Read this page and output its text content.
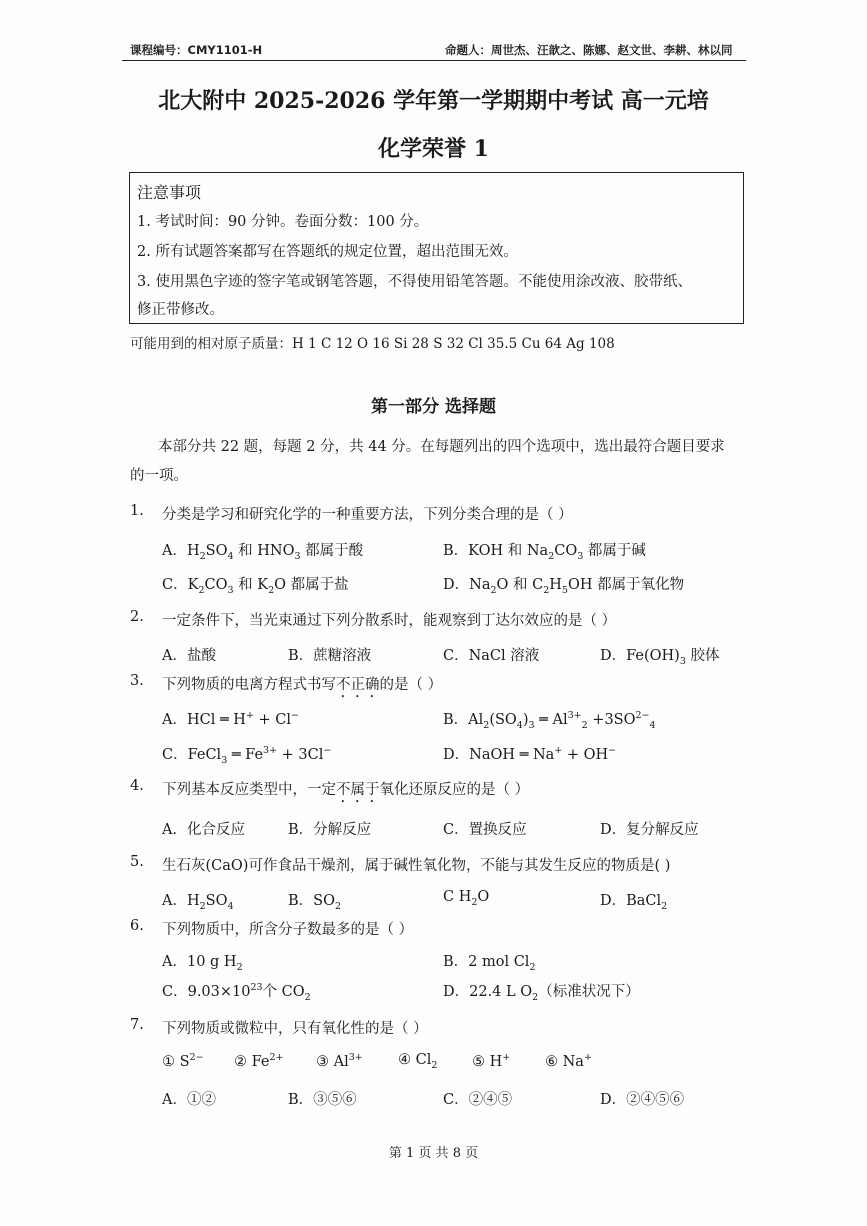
课程编号：CMY1101-H	命题人：周世杰、汪歆之、陈娜、赵文世、李耕、林以同
北大附中 2025-2026 学年第一学期期中考试 高一元培
化学荣誉 1
注意事项
1. 考试时间：90 分钟。卷面分数：100 分。
2. 所有试题答案都写在答题纸的规定位置，超出范围无效。
3. 使用黑色字迹的签字笔或钢笔答题，不得使用铅笔答题。不能使用涂改液、胶带纸、
修正带修改。
可能用到的相对原子质量：H 1 C 12 O 16 Si 28 S 32 Cl 35.5 Cu 64 Ag 108
第一部分 选择题
本部分共 22 题，每题 2 分，共 44 分。在每题列出的四个选项中，选出最符合题目要求
的一项。
1. 分类是学习和研究化学的一种重要方法，下列分类合理的是（ ）
A．$H_2SO_4$ 和 $HNO_3$ 都属于酸	B．KOH 和 $Na_2CO_3$ 都属于碱
C．$K_2CO_3$ 和 $K_2O$ 都属于盐	D．$Na_2O$ 和 $C_2H_5OH$ 都属于氧化物
2. 一定条件下，当光束通过下列分散系时，能观察到丁达尔效应的是（ ）
A．盐酸	B．蔗糖溶液	C．NaCl 溶液	D．$Fe(OH)_3$ 胶体
3. 下列物质的电离方程式书写不正确的是（ ）
A．HCl ═ H+ + Cl−	B．$Al_2(SO_4)_3$ ═ $Al^{3+}_2 +3SO^{2-}_4$
C．FeCl$_3$ ═ $Fe^{3+} + 3Cl^-$	D．NaOH ═ Na+ + OH−
4. 下列基本反应类型中，一定不属于氧化还原反应的是（ ）
A．化合反应	B．分解反应	C．置换反应	D．复分解反应
5. 生石灰(CaO)可作食品干燥剂，属于碱性氧化物，不能与其发生反应的物质是( )
A．$H_2SO_4$	B．$SO_2$
C $H_2O$	D．BaCl$_2$
6. 下列物质中，所含分子数最多的是（ ）
A．10 g $H_2$	B．2 mol $Cl_2$
C．$9.03\times 10^{23}$个 $CO_2$	D．22.4 L $O_2$（标准状况下）
7. 下列物质或微粒中，只有氧化性的是（ ）
① $S^{2-}$ ② $Fe^{2+}$ ③ $Al^{3+}$ ④ $Cl_2$ ⑤ H+ ⑥ Na+
A．①②	B．③⑤⑥	C．②④⑤	D．②④⑤⑥
第 1 页 共 8 页
